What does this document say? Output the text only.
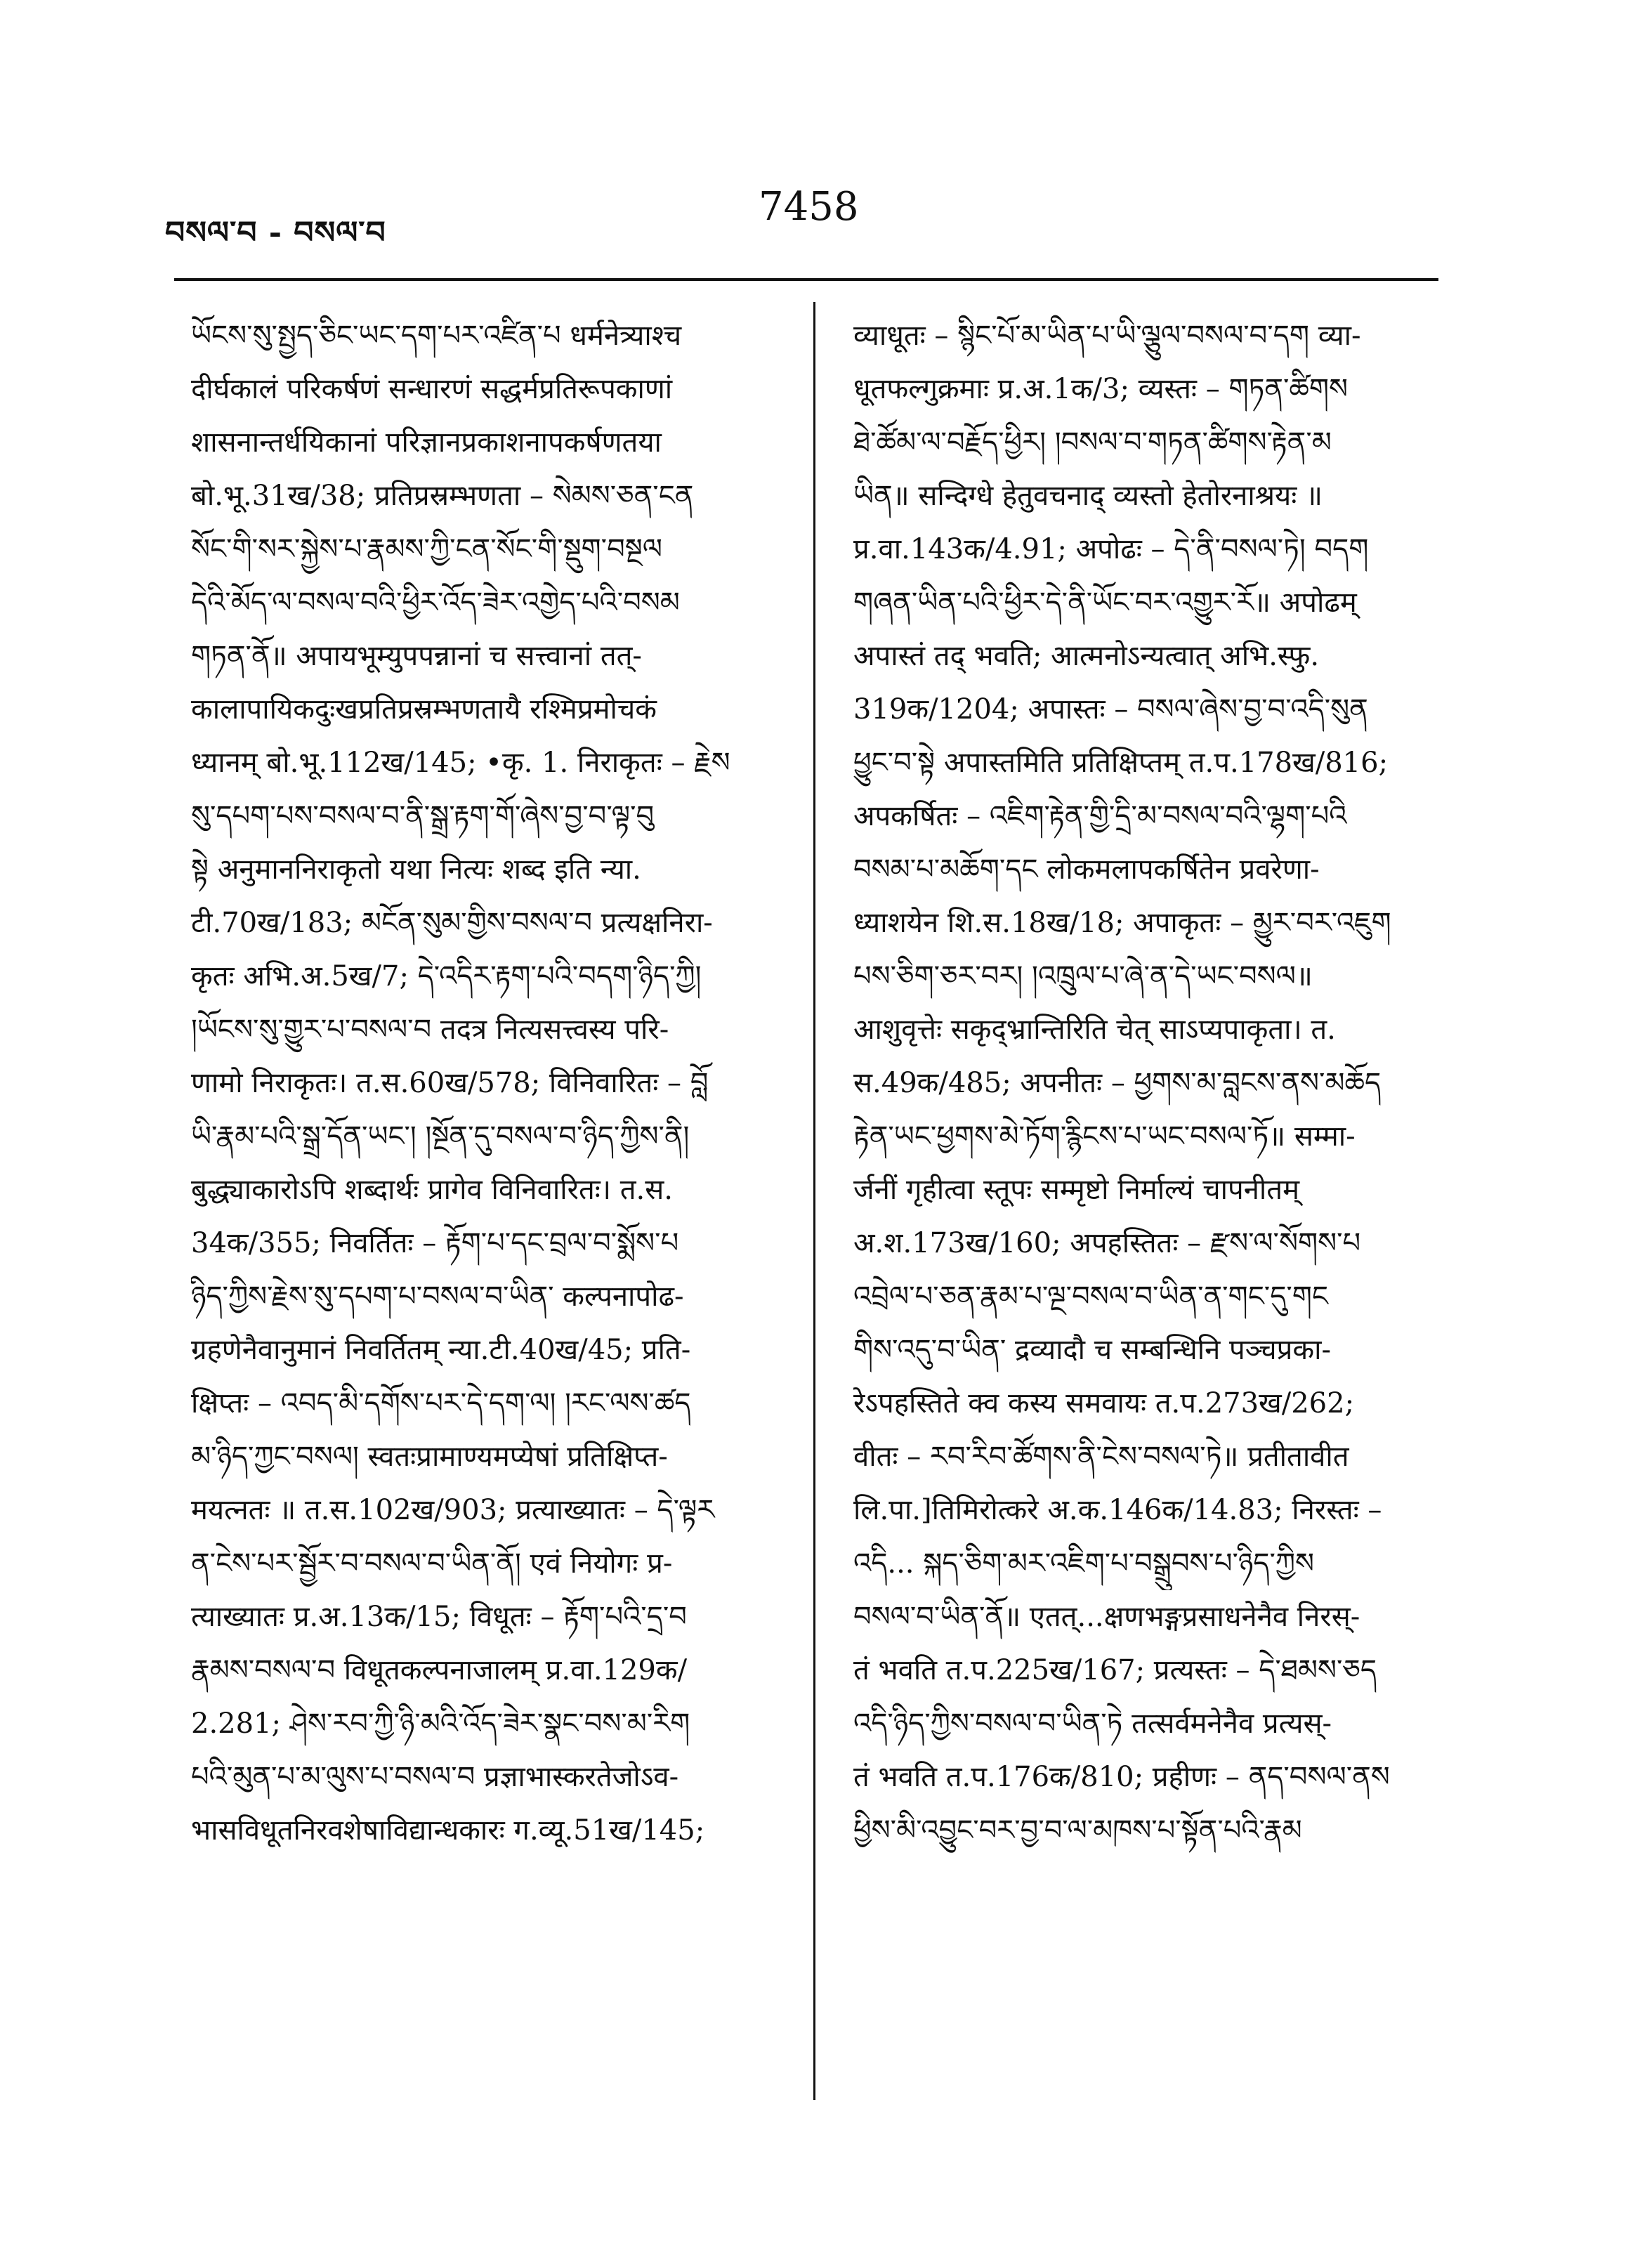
བསལ་བ - བསལ་བ
7458
ཡོངས་སུ་སྤྱད་ཅིང་ཡང་དག་པར་འཛིན་པ धर्मनेत्र्याश्च
दीर्घकालं परिकर्षणं सन्धारणं सद्धर्मप्रतिरूपकाणां
शासनान्तर्धयिकानां परिज्ञानप्रकाशनापकर्षणतया
बो.भू.31ख/38; प्रतिप्रस्रम्भणता – སེམས་ཅན་ངན
སོང་གི་སར་སྐྱེས་པ་རྣམས་ཀྱི་ངན་སོང་གི་སྡུག་བསྔལ
དེའི་མོད་ལ་བསལ་བའི་ཕྱིར་འོད་ཟེར་འགྱེད་པའི་བསམ
གཏན་ནོ॥ अपायभूम्युपपन्नानां च सत्त्वानां तत्-
कालापायिकदुःखप्रतिप्रस्रम्भणतायै रश्मिप्रमोचकं
ध्यानम् बो.भू.112ख/145; •कृ. 1. निराकृतः – རྗེས
སུ་དཔག་པས་བསལ་བ་ནི་སྒྲ་རྟག་གོ་ཞེས་བྱ་བ་ལྟ་བུ
སྟེ अनुमाननिराकृतो यथा नित्यः शब्द इति न्या.
टी.70ख/183; མངོན་སུམ་གྱིས་བསལ་བ प्रत्यक्षनिरा-
कृतः अभि.अ.5ख/7; དེ་འདིར་རྟག་པའི་བདག་ཉིད་ཀྱི།
།ཡོངས་སུ་གྱུར་པ་བསལ་བ तदत्र नित्यसत्त्वस्य परि-
णामो निराकृतः। त.स.60ख/578; विनिवारितः – བློ
ཡི་རྣམ་པའི་སྒྲ་དོན་ཡང་། །སྔོན་དུ་བསལ་བ་ཉིད་ཀྱིས་ནི།
बुद्ध्याकारोऽपि शब्दार्थः प्रागेव विनिवारितः। त.स.
34क/355; निवर्तितः – རྟོག་པ་དང་བྲལ་བ་སྨོས་པ
ཉིད་ཀྱིས་རྗེས་སུ་དཔག་པ་བསལ་བ་ཡིན་ कल्पनापोढ-
ग्रहणेनैवानुमानं निवर्तितम् न्या.टी.40ख/45; प्रति-
क्षिप्तः – འབད་མི་དགོས་པར་དེ་དག་ལ། །རང་ལས་ཚད
མ་ཉིད་ཀྱང་བསལ། स्वतःप्रामाण्यमप्येषां प्रतिक्षिप्त-
मयत्नतः ॥ त.स.102ख/903; प्रत्याख्यातः – དེ་ལྟར
ན་ངེས་པར་སྦྱོར་བ་བསལ་བ་ཡིན་ནོ། एवं नियोगः प्र-
त्याख्यातः प्र.अ.13क/15; विधूतः – རྟོག་པའི་དྲ་བ
རྣམས་བསལ་བ विधूतकल्पनाजालम् प्र.वा.129क/
2.281; ཤེས་རབ་ཀྱི་ཉི་མའི་འོད་ཟེར་སྣང་བས་མ་རིག
པའི་མུན་པ་མ་ལུས་པ་བསལ་བ प्रज्ञाभास्करतेजोऽव-
भासविधूतनिरवशेषाविद्यान्धकारः ग.व्यू.51ख/145;
व्याधूतः – སྙིང་པོ་མ་ཡིན་པ་ཡི་ལྕུལ་བསལ་བ་དག व्या-
धूतफल्गुक्रमाः प्र.अ.1क/3; व्यस्तः – གཏན་ཚིགས
ཐེ་ཚོམ་ལ་བརྗོད་ཕྱིར། །བསལ་བ་གཏན་ཚིགས་རྟེན་མ
ཡིན॥ सन्दिग्धे हेतुवचनाद् व्यस्तो हेतोरनाश्रयः ॥
प्र.वा.143क/4.91; अपोढः – དེ་ནི་བསལ་ཏེ། བདག
གཞན་ཡིན་པའི་ཕྱིར་དེ་ནི་ཡོང་བར་འགྱུར་རོ॥ अपोढम्
अपास्तं तद् भवति; आत्मनोऽन्यत्वात् अभि.स्फु.
319क/1204; अपास्तः – བསལ་ཞེས་བྱ་བ་འདི་སུན
ཕྱུང་བ་སྟེ अपास्तमिति प्रतिक्षिप्तम् त.प.178ख/816;
अपकर्षितः – འཇིག་རྟེན་གྱི་དྲི་མ་བསལ་བའི་ལྷག་པའི
བསམ་པ་མཆོག་དང लोकमलापकर्षितेन प्रवरेणा-
ध्याशयेन शि.स.18ख/18; अपाकृतः – མྱུར་བར་འཇུག
པས་ཅིག་ཅར་བར། །འཁྲུལ་པ་ཞེ་ན་དེ་ཡང་བསལ॥
आशुवृत्तेः सकृद्भ्रान्तिरिति चेत् साऽप्यपाकृता। त.
स.49क/485; अपनीतः – ཕྱགས་མ་བླངས་ནས་མཆོད
རྟེན་ཡང་ཕྱགས་མེ་ཏོག་རྙིངས་པ་ཡང་བསལ་ཏོ॥ सम्मा-
र्जनीं गृहीत्वा स्तूपः सम्मृष्टो निर्माल्यं चापनीतम्
अ.श.173ख/160; अपहस्तितः – རྫས་ལ་སོགས་པ
འབྲེལ་པ་ཅན་རྣམ་པ་ལྔ་བསལ་བ་ཡིན་ན་གང་དུ་གང
གིས་འདུ་བ་ཡིན་ द्रव्यादौ च सम्बन्धिनि पञ्चप्रका-
रेऽपहस्तिते क्व कस्य समवायः त.प.273ख/262;
वीतः – རབ་རིབ་ཚོགས་ནི་ངེས་བསལ་ཏེ॥ प्रतीतावीत
लि.पा.]तिमिरोत्करे अ.क.146क/14.83; निरस्तः –
འདི... སྐད་ཅིག་མར་འཇིག་པ་བསྒྲུབས་པ་ཉིད་ཀྱིས
བསལ་བ་ཡིན་ནོ॥ एतत्...क्षणभङ्गप्रसाधनेनैव निरस्-
तं भवति त.प.225ख/167; प्रत्यस्तः – དེ་ཐམས་ཅད
འདི་ཉིད་ཀྱིས་བསལ་བ་ཡིན་ཏེ तत्सर्वमनेनैव प्रत्यस्-
तं भवति त.प.176क/810; प्रहीणः – ནད་བསལ་ནས
ཕྱིས་མི་འབྱུང་བར་བྱ་བ་ལ་མཁས་པ་སྟོན་པའི་རྣམ
